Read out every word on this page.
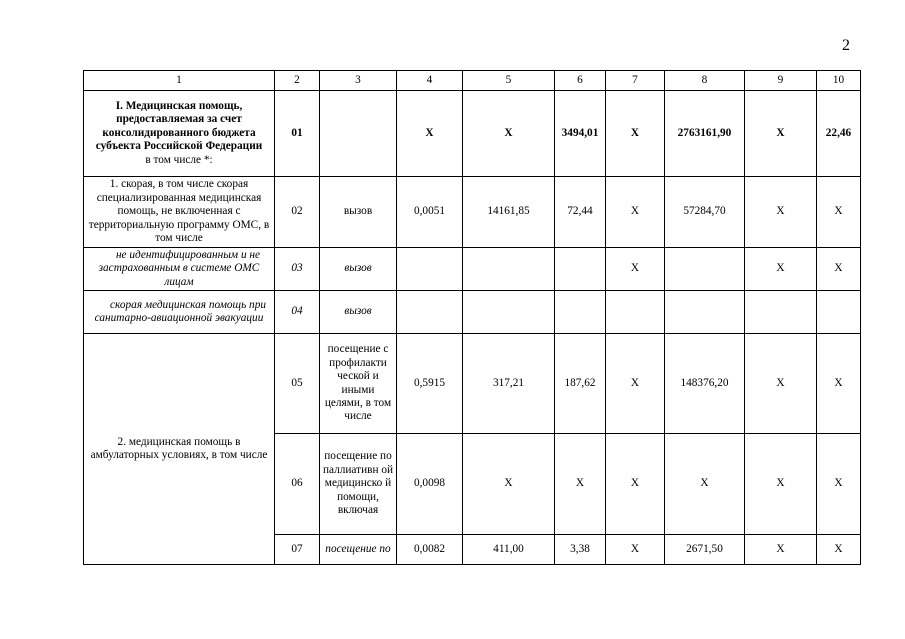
2
1	2	3	4	5	6	7	8	9	10

I. Медицинская помощь, предоставляемая за счет консолидированного бюджета субъекта Российской Федерации
в том числе *:	01		X	X	3494,01	X	2763161,90	X	22,46
1. скорая, в том числе скорая специализированная медицинская помощь, не включенная с территориальную программу ОМС, в том числе	02	вызов	0,0051	14161,85	72,44	X	57284,70	X	X

не идентифицированным и не застрахованным в системе ОМС лицам	03	вызов				X		X	X

скорая медицинская помощь при санитарно-авиационной эвакуации	04	вызов							
2. медицинская помощь в амбулаторных условиях, в том числе	05	посещение с профилакти ческой и иными целями, в том числе	0,5915	317,21	187,62	X	148376,20	X	X
	06	посещение по паллиативн ой медицинско й помощи, включая	0,0098	X	X	X	X	X	X
	07	посещение по	0,0082	411,00	3,38	X	2671,50	X	X
